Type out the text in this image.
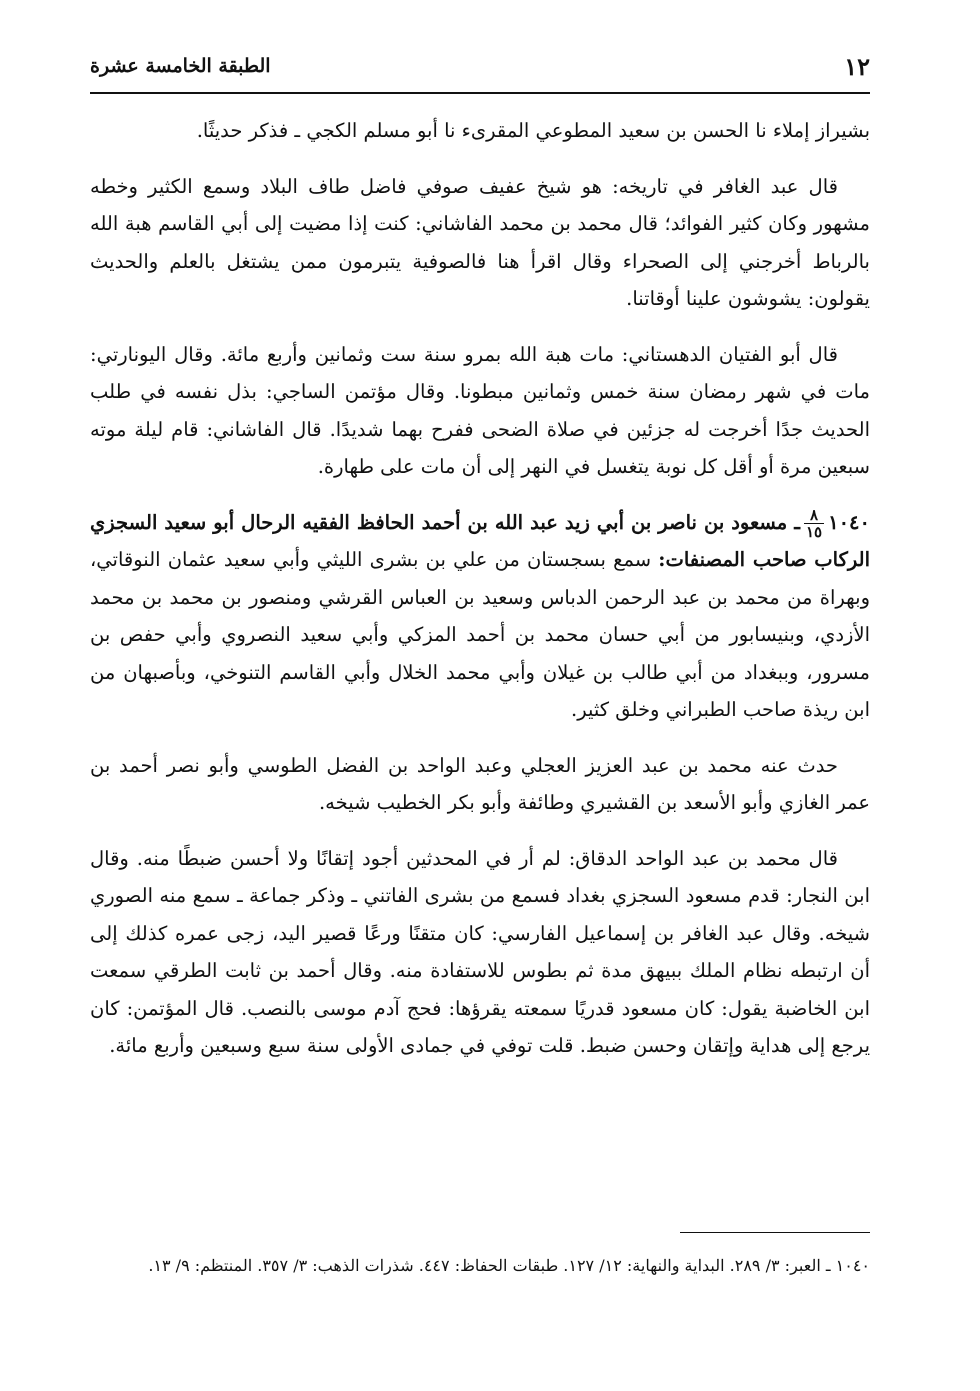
١٢
الطبقة الخامسة عشرة

بشيراز إملاء نا الحسن بن سعيد المطوعي المقرىء نا أبو مسلم الكجي ـ فذكر حديثًا.

قال عبد الغافر في تاريخه: هو شيخ عفيف صوفي فاضل طاف البلاد وسمع الكثير وخطه مشهور وكان كثير الفوائد؛ قال محمد بن محمد الفاشاني: كنت إذا مضيت إلى أبي القاسم هبة الله بالرباط أخرجني إلى الصحراء وقال اقرأ هنا فالصوفية يتبرمون ممن يشتغل بالعلم والحديث يقولون: يشوشون علينا أوقاتنا.

قال أبو الفتيان الدهستاني: مات هبة الله بمرو سنة ست وثمانين وأربع مائة. وقال اليونارتي: مات في شهر رمضان سنة خمس وثمانين مبطونا. وقال مؤتمن الساجي: بذل نفسه في طلب الحديث جدًا أخرجت له جزئين في صلاة الضحى ففرح بهما شديدًا. قال الفاشاني: قام ليلة موته سبعين مرة أو أقل كل نوبة يتغسل في النهر إلى أن مات على طهارة.

١٠٤٠
$\frac{٨}{١٥}$
ـ مسعود بن ناصر بن أبي زيد عبد الله بن أحمد الحافظ الفقيه الرحال أبو سعيد السجزي الركاب صاحب المصنفات: سمع بسجستان من علي بن بشرى الليثي وأبي سعيد عثمان النوقاتي، وبهراة من محمد بن عبد الرحمن الدباس وسعيد بن العباس القرشي ومنصور بن محمد بن محمد الأزدي، وبنيسابور من أبي حسان محمد بن أحمد المزكي وأبي سعيد النصروي وأبي حفص بن مسرور، وببغداد من أبي طالب بن غيلان وأبي محمد الخلال وأبي القاسم التنوخي، وبأصبهان من ابن ريذة صاحب الطبراني وخلق كثير.

حدث عنه محمد بن عبد العزيز العجلي وعبد الواحد بن الفضل الطوسي وأبو نصر أحمد بن عمر الغازي وأبو الأسعد بن القشيري وطائفة وأبو بكر الخطيب شيخه.

قال محمد بن عبد الواحد الدقاق: لم أر في المحدثين أجود إتقانًا ولا أحسن ضبطًا منه. وقال ابن النجار: قدم مسعود السجزي بغداد فسمع من بشرى الفاتني ـ وذكر جماعة ـ سمع منه الصوري شيخه. وقال عبد الغافر بن إسماعيل الفارسي: كان متقنًا ورعًا قصير اليد، زجى عمره كذلك إلى أن ارتبطه نظام الملك ببيهق مدة ثم بطوس للاستفادة منه. وقال أحمد بن ثابت الطرقي سمعت ابن الخاضبة يقول: كان مسعود قدريًا سمعته يقرؤها: فحج آدم موسى بالنصب. قال المؤتمن: كان يرجع إلى هداية وإتقان وحسن ضبط. قلت توفي في جمادى الأولى سنة سبع وسبعين وأربع مائة.

١٠٤٠ ـ العبر: ٣/ ٢٨٩. البداية والنهاية: ١٢/ ١٢٧. طبقات الحفاظ: ٤٤٧. شذرات الذهب: ٣/ ٣٥٧. المنتظم: ٩/ ١٣.
